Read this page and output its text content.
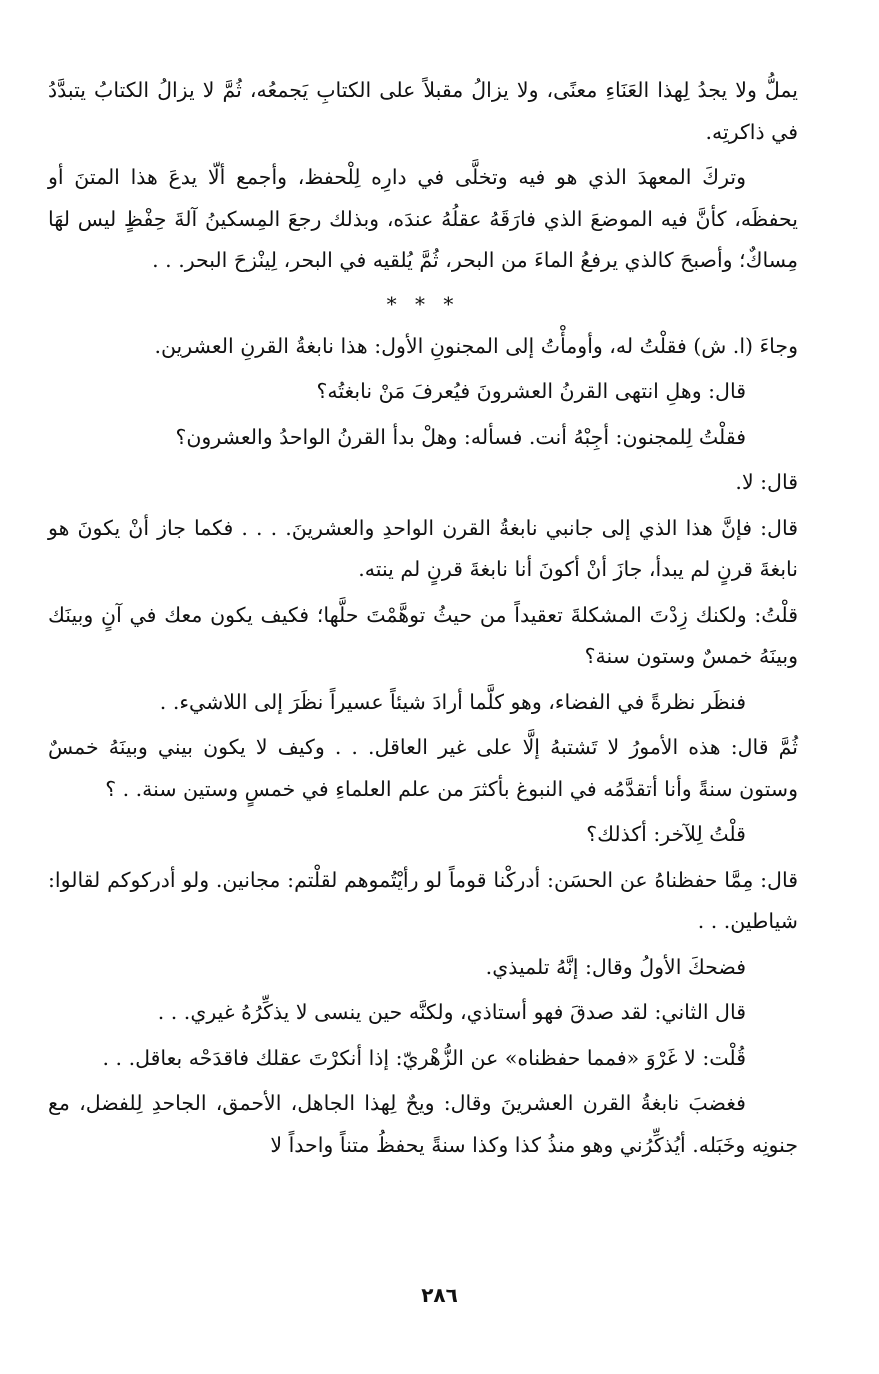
يملُّ ولا يجدُ لِهذا العَنَاءِ معنًى، ولا يزالُ مقبلاً على الكتابِ يَجمعُه، ثُمَّ لا يزالُ الكتابُ يتبدَّدُ في ذاكرتِه.

وتركَ المعهدَ الذي هو فيه وتخلَّى في دارِه لِلْحفظ، وأجمع ألّا يدعَ هذا المتنَ أو يحفظَه، كأنَّ فيه الموضعَ الذي فارَقَهُ عقلُهُ عندَه، وبذلك رجعَ المِسكينُ آلةَ حِفْظٍ ليس لهَا مِساكٌ؛ وأصبحَ كالذي يرفعُ الماءَ من البحر، ثُمَّ يُلقيه في البحر، لِينْزحَ البحر. . .

* * *

وجاءَ (ا. ش) فقلْتُ له، وأومأْتُ إلى المجنونِ الأول: هذا نابغةُ القرنِ العشرين.

قال: وهلِ انتهى القرنُ العشرونَ فيُعرفَ مَنْ نابغتُه؟

فقلْتُ لِلمجنون: أجِبْهُ أنت. فسأله: وهلْ بدأ القرنُ الواحدُ والعشرون؟

قال: لا.

قال: فإنَّ هذا الذي إلى جانبي نابغةُ القرن الواحدِ والعشرينَ. . . . فكما جاز أنْ يكونَ هو نابغةَ قرنٍ لم يبدأ، جازَ أنْ أكونَ أنا نابغةَ قرنٍ لم ينته.

قلْتُ: ولكنك زِدْتَ المشكلةَ تعقيداً من حيثُ توهَّمْتَ حلَّها؛ فكيف يكون معك في آنٍ وبينَك وبينَهُ خمسٌ وستون سنة؟

فنظَر نظرةً في الفضاء، وهو كلَّما أرادَ شيئاً عسيراً نظَرَ إلى اللاشيء. .

ثُمَّ قال: هذه الأمورُ لا تَشتبهُ إلَّا على غير العاقل. . . وكيف لا يكون بيني وبينَهُ خمسٌ وستون سنةً وأنا أتقدَّمُه في النبوغ بأكثرَ من علم العلماءِ في خمسٍ وستين سنة. . ؟

قلْتُ لِلآخر: أكذلك؟

قال: مِمَّا حفظناهُ عن الحسَن: أدركْنا قوماً لو رأيْتُموهم لقلْتم: مجانين. ولو أدركوكم لقالوا: شياطين. . .

فضحكَ الأولُ وقال: إنَّهُ تلميذي.

قال الثاني: لقد صدقَ فهو أستاذي، ولكنَّه حين ينسى لا يذكِّرُهُ غيري. . .

قُلْت: لا غَرْوَ «فمما حفظناه» عن الزُّهْريّ: إذا أنكرْتَ عقلك فاقدَحْه بعاقل. . .

فغضبَ نابغةُ القرن العشرينَ وقال: ويحٌ لِهذا الجاهل، الأحمق، الجاحدِ لِلفضل، مع جنونِه وخَبَله. أيُذكِّرُني وهو منذُ كذا وكذا سنةً يحفظُ متناً واحداً لا

٢٨٦
